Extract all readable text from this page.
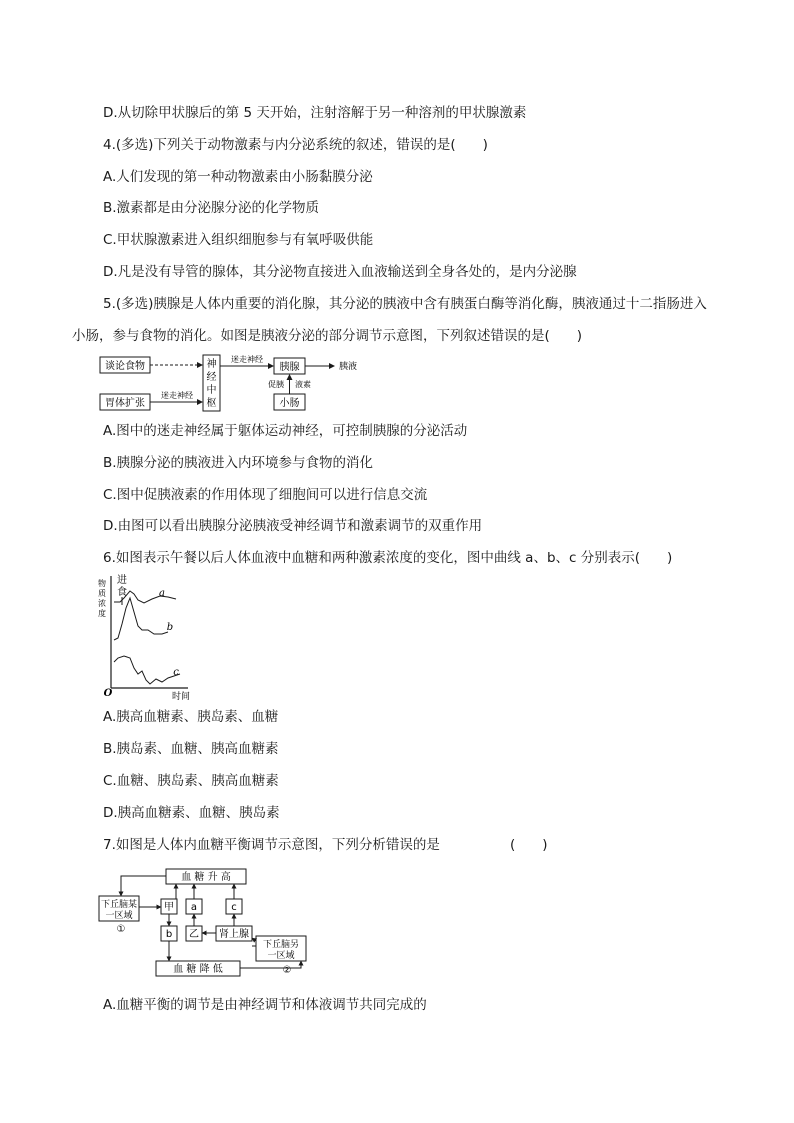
D.从切除甲状腺后的第 5 天开始，注射溶解于另一种溶剂的甲状腺激素
4.(多选)下列关于动物激素与内分泌系统的叙述，错误的是(　　)
A.人们发现的第一种动物激素由小肠黏膜分泌
B.激素都是由分泌腺分泌的化学物质
C.甲状腺激素进入组织细胞参与有氧呼吸供能
D.凡是没有导管的腺体，其分泌物直接进入血液输送到全身各处的，是内分泌腺
5.(多选)胰腺是人体内重要的消化腺，其分泌的胰液中含有胰蛋白酶等消化酶，胰液通过十二指肠进入
小肠，参与食物的消化。如图是胰液分泌的部分调节示意图，下列叙述错误的是(　　)
谈论食物
胃体扩张
迷走神经
神
经
中
枢
迷走神经
胰腺	胰液
促胰 液素
小肠
A.图中的迷走神经属于躯体运动神经，可控制胰腺的分泌活动
B.胰腺分泌的胰液进入内环境参与食物的消化
C.图中促胰液素的作用体现了细胞间可以进行信息交流
D.由图可以看出胰腺分泌胰液受神经调节和激素调节的双重作用
6.如图表示午餐以后人体血液中血糖和两种激素浓度的变化，图中曲线 a、b、c 分别表示(　　)
物
质
浓
度
进
食
O	时间
a
b
c
A.胰高血糖素、胰岛素、血糖
B.胰岛素、血糖、胰高血糖素
C.血糖、胰岛素、胰高血糖素
D.胰高血糖素、血糖、胰岛素
7.如图是人体内血糖平衡调节示意图，下列分析错误的是	(　　)
血 糖 升 高
血 糖 降 低
下丘脑某
一区域
①
甲 a	c
b 乙 肾上腺
下丘脑另
一区域
②
A.血糖平衡的调节是由神经调节和体液调节共同完成的
